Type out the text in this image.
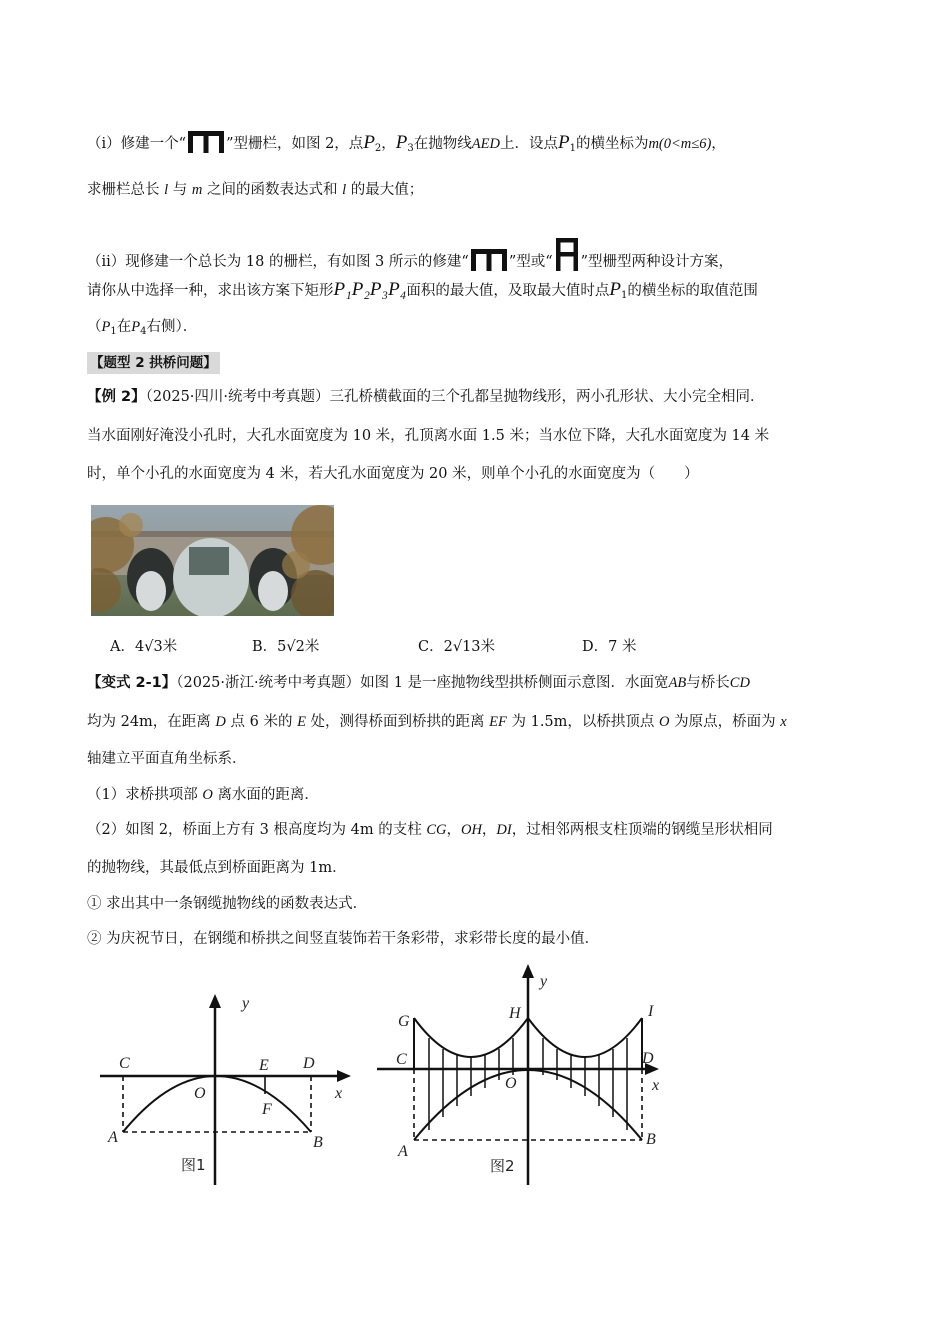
（ⅰ）修建一个“	”型栅栏，如图 2，点$P_2$，$P_3$在抛物线AED上．设点$P_1$的横坐标为m(0<m≤6)，
求栅栏总长 l 与 m 之间的函数表达式和 l 的最大值；
（ⅱ）现修建一个总长为 18 的栅栏，有如图 3 所示的修建“	”型或“ ”型栅型两种设计方案，
请你从中选择一种，求出该方案下矩形P₁P₂P₃P₄面积的最大值，及取最大值时点$P_1$的横坐标的取值范围
（$P_1$在$P_4$右侧）．
【题型 2 拱桥问题】
【例 2】（2025·四川·统考中考真题）三孔桥横截面的三个孔都呈抛物线形，两小孔形状、大小完全相同．
当水面刚好淹没小孔时，大孔水面宽度为 10 米，孔顶离水面 1.5 米；当水位下降，大孔水面宽度为 14 米
时，单个小孔的水面宽度为 4 米，若大孔水面宽度为 20 米，则单个小孔的水面宽度为（　　）
A．4√3米	B．5√2米	C．2√13米	D．7 米
【变式 2-1】（2025·浙江·统考中考真题）如图 1 是一座抛物线型拱桥侧面示意图．水面宽AB与桥长CD
均为 24m，在距离 D 点 6 米的 E 处，测得桥面到桥拱的距离 EF 为 1.5m，以桥拱顶点 O 为原点，桥面为 x
轴建立平面直角坐标系．
（1）求桥拱项部 O 离水面的距离．
（2）如图 2，桥面上方有 3 根高度均为 4m 的支柱 CG，OH，DI，过相邻两根支柱顶端的钢缆呈形状相同
的抛物线，其最低点到桥面距离为 1m．
① 求出其中一条钢缆抛物线的函数表达式．
② 为庆祝节日，在钢缆和桥拱之间竖直装饰若干条彩带，求彩带长度的最小值．
y
x
C
O
E D
F
A	B
图1
y
x
G	H	I
C	D
O
A
B
图2
